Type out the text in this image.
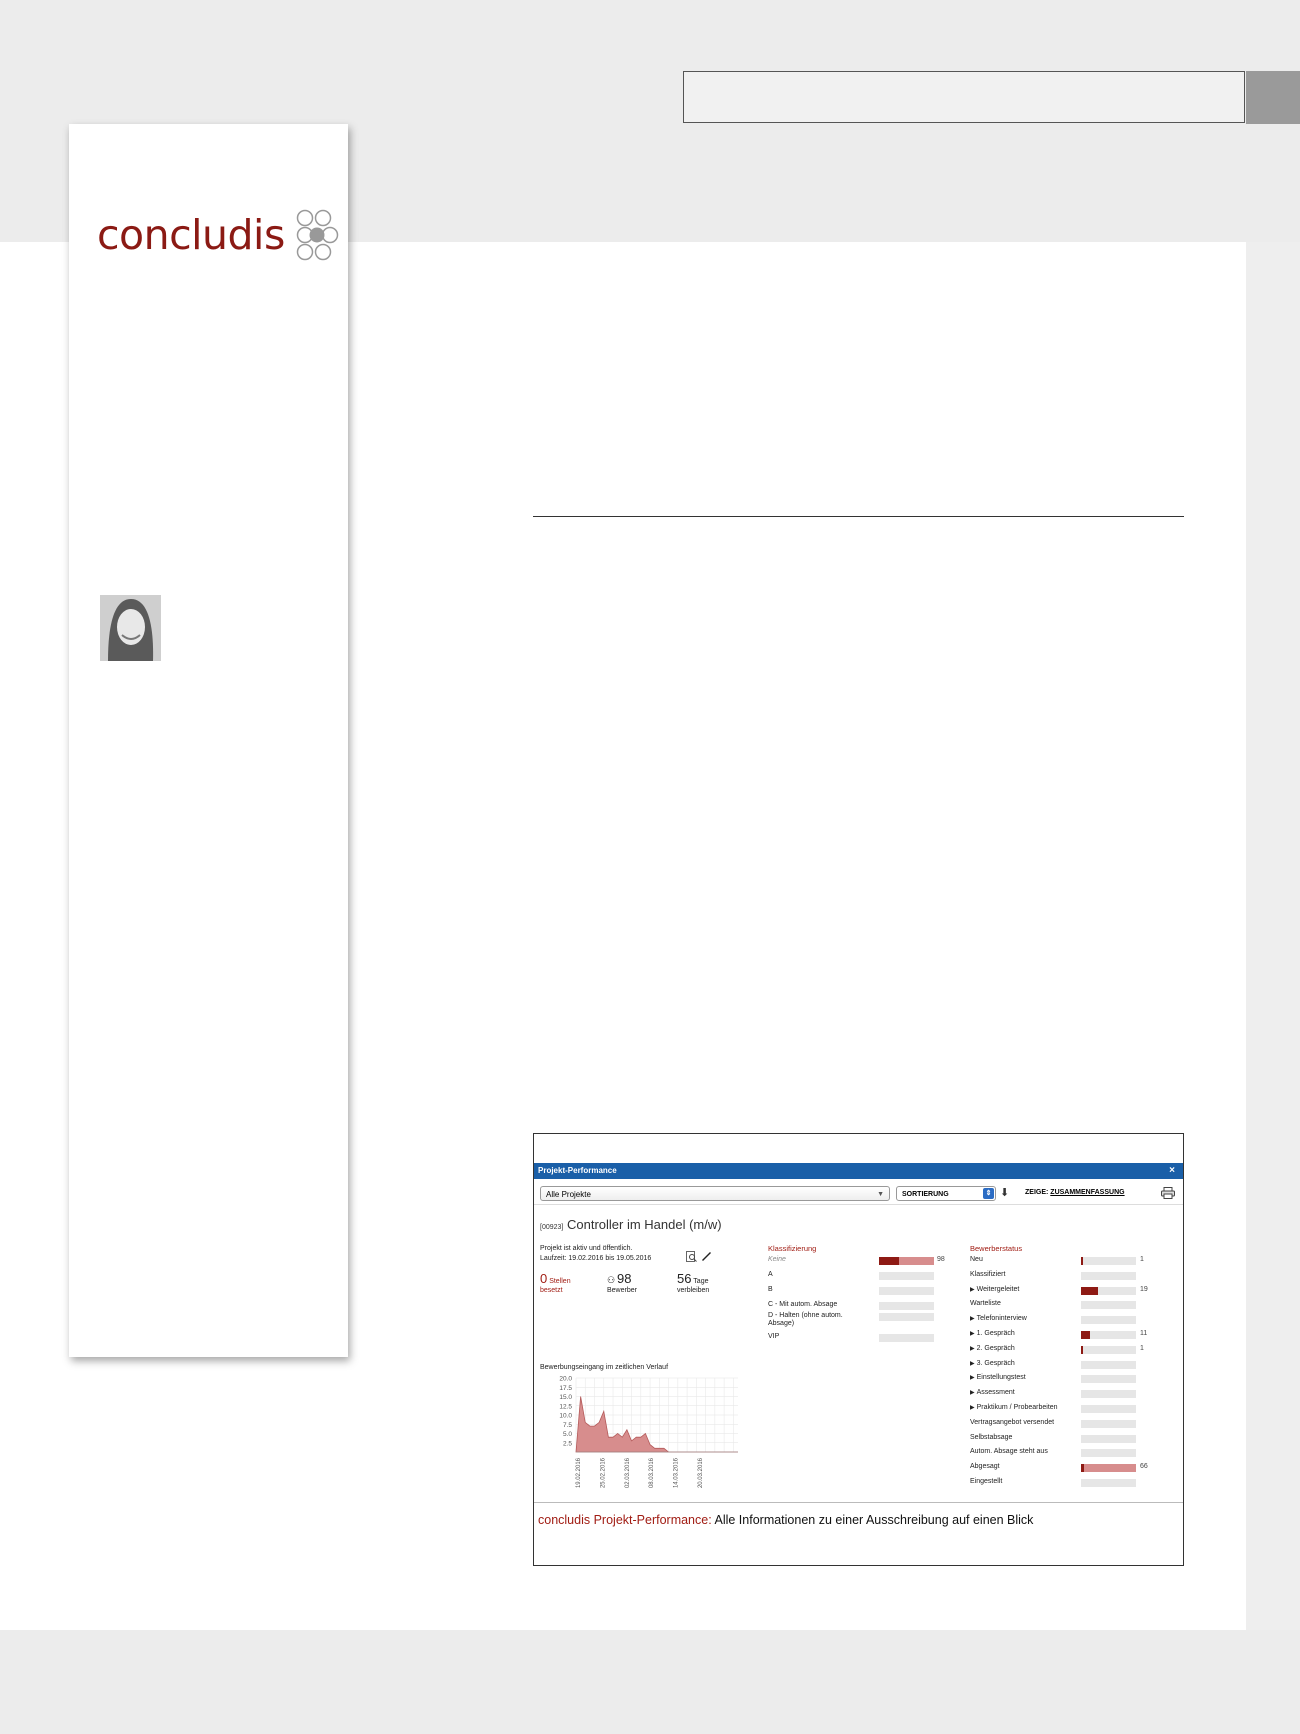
concludis
Projekt-Performance	×
Alle Projekte	▼	SORTIERUNG	⇕ ⬇ ZEIGE: ZUSAMMENFASSUNG
[00923] Controller im Handel (m/w)
Projekt ist aktiv und öffentlich.
Laufzeit: 19.02.2016 bis 19.05.2016

0 Stellen
besetzt
⚇ 98
Bewerber
56 Tage
verbleiben
Bewerbungseingang im zeitlichen Verlauf
20.0
17.5
15.0
12.5
10.0
7.5
5.0
2.5
19.02.2016	25.02.2016	02.03.2016	08.03.2016	14.03.2016	20.03.2016
Klassifizierung
Keine	98
A
B
C - Mit autom. Absage
D - Halten (ohne autom. Absage)
VIP
Bewerberstatus
Neu	1
Klassifiziert
▶ Weitergeleitet	19
Warteliste
▶ Telefoninterview
▶ 1. Gespräch	11
▶ 2. Gespräch	1
▶ 3. Gespräch
▶ Einstellungstest
▶ Assessment
▶ Praktikum / Probearbeiten
Vertragsangebot versendet
Selbstabsage
Autom. Absage steht aus
Abgesagt	66
Eingestellt
concludis Projekt-Performance: Alle Informationen zu einer Ausschreibung auf einen Blick
